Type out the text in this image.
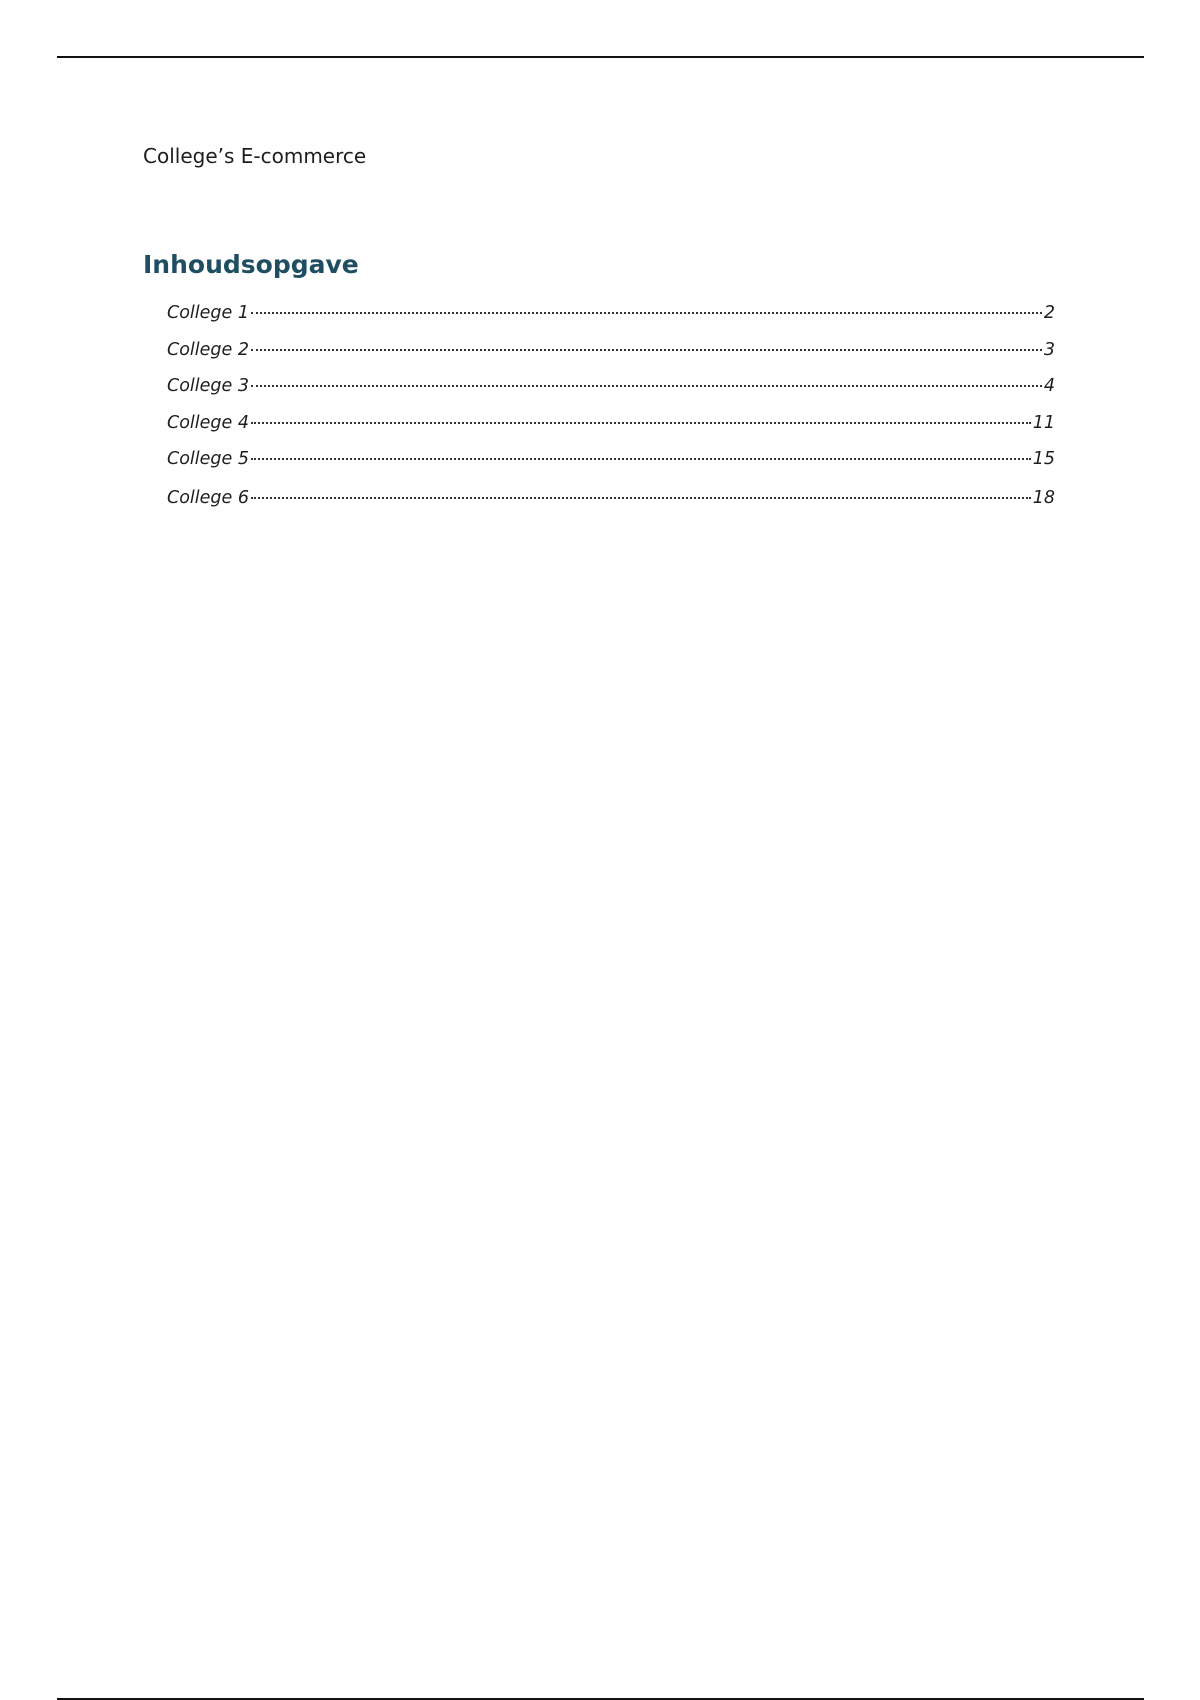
College’s E-commerce
Inhoudsopgave
College 1	2
College 2	3
College 3	4
College 4	11
College 5	15
College 6	18
